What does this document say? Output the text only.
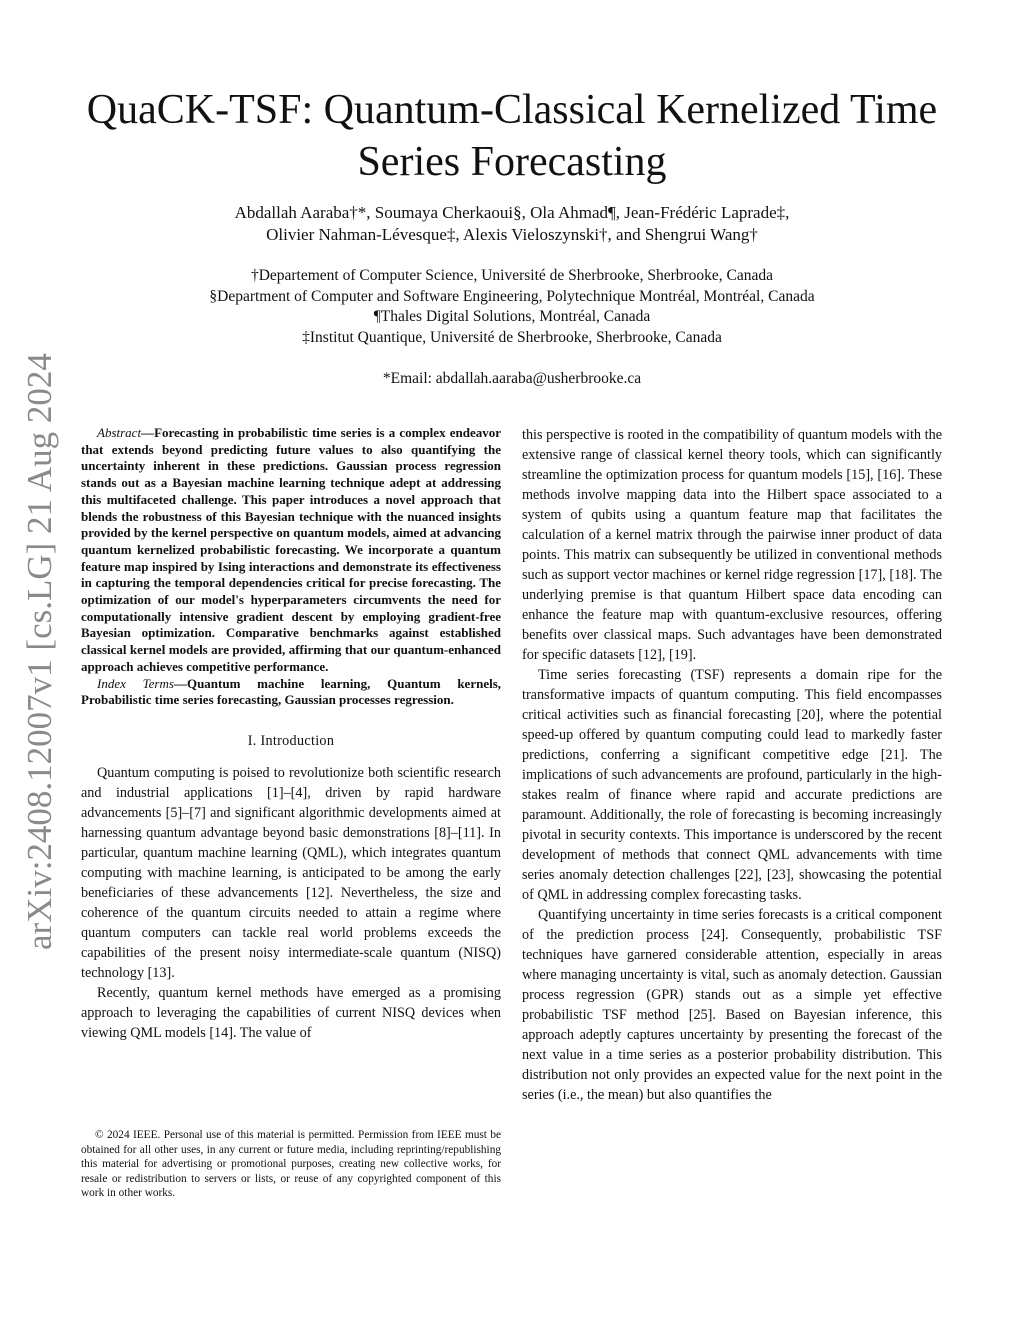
arXiv:2408.12007v1 [cs.LG] 21 Aug 2024
QuaCK-TSF: Quantum-Classical Kernelized Time Series Forecasting
Abdallah Aaraba†*, Soumaya Cherkaoui§, Ola Ahmad¶, Jean-Frédéric Laprade‡,
Olivier Nahman-Lévesque‡, Alexis Vieloszynski†, and Shengrui Wang†
†Departement of Computer Science, Université de Sherbrooke, Sherbrooke, Canada
§Department of Computer and Software Engineering, Polytechnique Montréal, Montréal, Canada
¶Thales Digital Solutions, Montréal, Canada
‡Institut Quantique, Université de Sherbrooke, Sherbrooke, Canada
*Email: abdallah.aaraba@usherbrooke.ca

Abstract—Forecasting in probabilistic time series is a complex endeavor that extends beyond predicting future values to also quantifying the uncertainty inherent in these predictions. Gaussian process regression stands out as a Bayesian machine learning technique adept at addressing this multifaceted challenge. This paper introduces a novel approach that blends the robustness of this Bayesian technique with the nuanced insights provided by the kernel perspective on quantum models, aimed at advancing quantum kernelized probabilistic forecasting. We incorporate a quantum feature map inspired by Ising interactions and demonstrate its effectiveness in capturing the temporal dependencies critical for precise forecasting. The optimization of our model's hyperparameters circumvents the need for computationally intensive gradient descent by employing gradient-free Bayesian optimization. Comparative benchmarks against established classical kernel models are provided, affirming that our quantum-enhanced approach achieves competitive performance.

Index Terms—Quantum machine learning, Quantum kernels, Probabilistic time series forecasting, Gaussian processes regression.

I. Introduction

Quantum computing is poised to revolutionize both scientific research and industrial applications [1]–[4], driven by rapid hardware advancements [5]–[7] and significant algorithmic developments aimed at harnessing quantum advantage beyond basic demonstrations [8]–[11]. In particular, quantum machine learning (QML), which integrates quantum computing with machine learning, is anticipated to be among the early beneficiaries of these advancements [12]. Nevertheless, the size and coherence of the quantum circuits needed to attain a regime where quantum computers can tackle real world problems exceeds the capabilities of the present noisy intermediate-scale quantum (NISQ) technology [13].

Recently, quantum kernel methods have emerged as a promising approach to leveraging the capabilities of current NISQ devices when viewing QML models [14]. The value of

© 2024 IEEE. Personal use of this material is permitted. Permission from IEEE must be obtained for all other uses, in any current or future media, including reprinting/republishing this material for advertising or promotional purposes, creating new collective works, for resale or redistribution to servers or lists, or reuse of any copyrighted component of this work in other works.

this perspective is rooted in the compatibility of quantum models with the extensive range of classical kernel theory tools, which can significantly streamline the optimization process for quantum models [15], [16]. These methods involve mapping data into the Hilbert space associated to a system of qubits using a quantum feature map that facilitates the calculation of a kernel matrix through the pairwise inner product of data points. This matrix can subsequently be utilized in conventional methods such as support vector machines or kernel ridge regression [17], [18]. The underlying premise is that quantum Hilbert space data encoding can enhance the feature map with quantum-exclusive resources, offering benefits over classical maps. Such advantages have been demonstrated for specific datasets [12], [19].

Time series forecasting (TSF) represents a domain ripe for the transformative impacts of quantum computing. This field encompasses critical activities such as financial forecasting [20], where the potential speed-up offered by quantum computing could lead to markedly faster predictions, conferring a significant competitive edge [21]. The implications of such advancements are profound, particularly in the high-stakes realm of finance where rapid and accurate predictions are paramount. Additionally, the role of forecasting is becoming increasingly pivotal in security contexts. This importance is underscored by the recent development of methods that connect QML advancements with time series anomaly detection challenges [22], [23], showcasing the potential of QML in addressing complex forecasting tasks.

Quantifying uncertainty in time series forecasts is a critical component of the prediction process [24]. Consequently, probabilistic TSF techniques have garnered considerable attention, especially in areas where managing uncertainty is vital, such as anomaly detection. Gaussian process regression (GPR) stands out as a simple yet effective probabilistic TSF method [25]. Based on Bayesian inference, this approach adeptly captures uncertainty by presenting the forecast of the next value in a time series as a posterior probability distribution. This distribution not only provides an expected value for the next point in the series (i.e., the mean) but also quantifies the
